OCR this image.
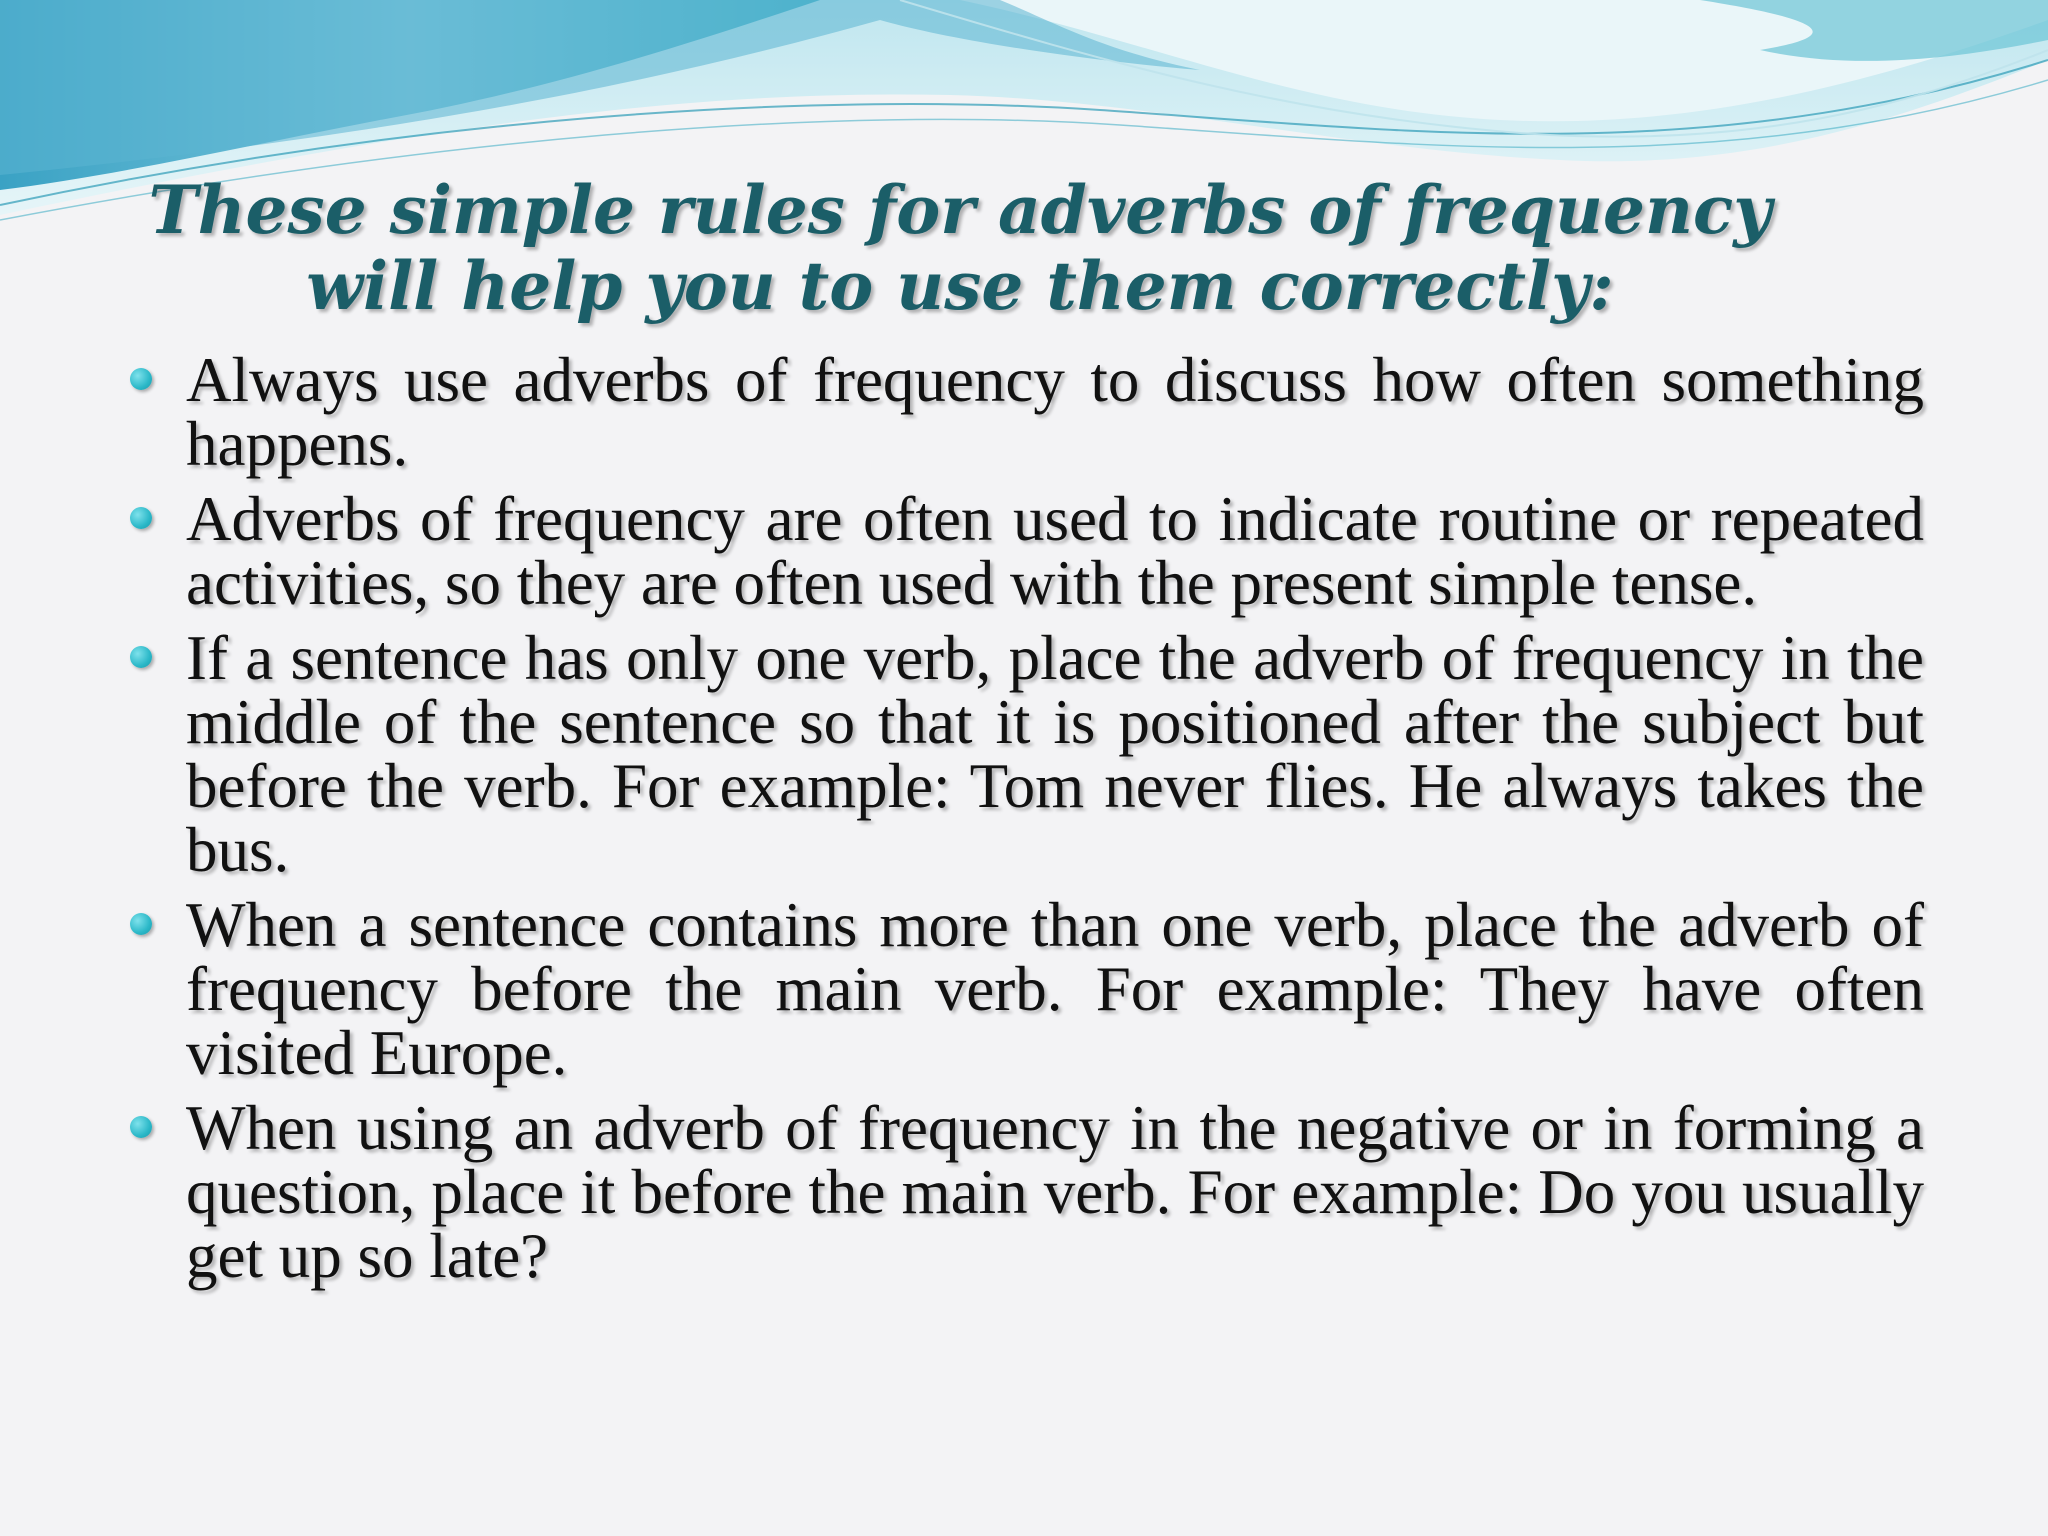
These simple rules for adverbs of frequency will help you to use them correctly:
Always use adverbs of frequency to discuss how often something happens.
Adverbs of frequency are often used to indicate routine or repeated activities, so they are often used with the present simple tense.
If a sentence has only one verb, place the adverb of frequency in the middle of the sentence so that it is positioned after the subject but before the verb. For example: Tom never flies. He always takes the bus.
When a sentence contains more than one verb, place the adverb of frequency before the main verb. For example: They have often visited Europe.
When using an adverb of frequency in the negative or in forming a question, place it before the main verb. For example: Do you usually get up so late?
